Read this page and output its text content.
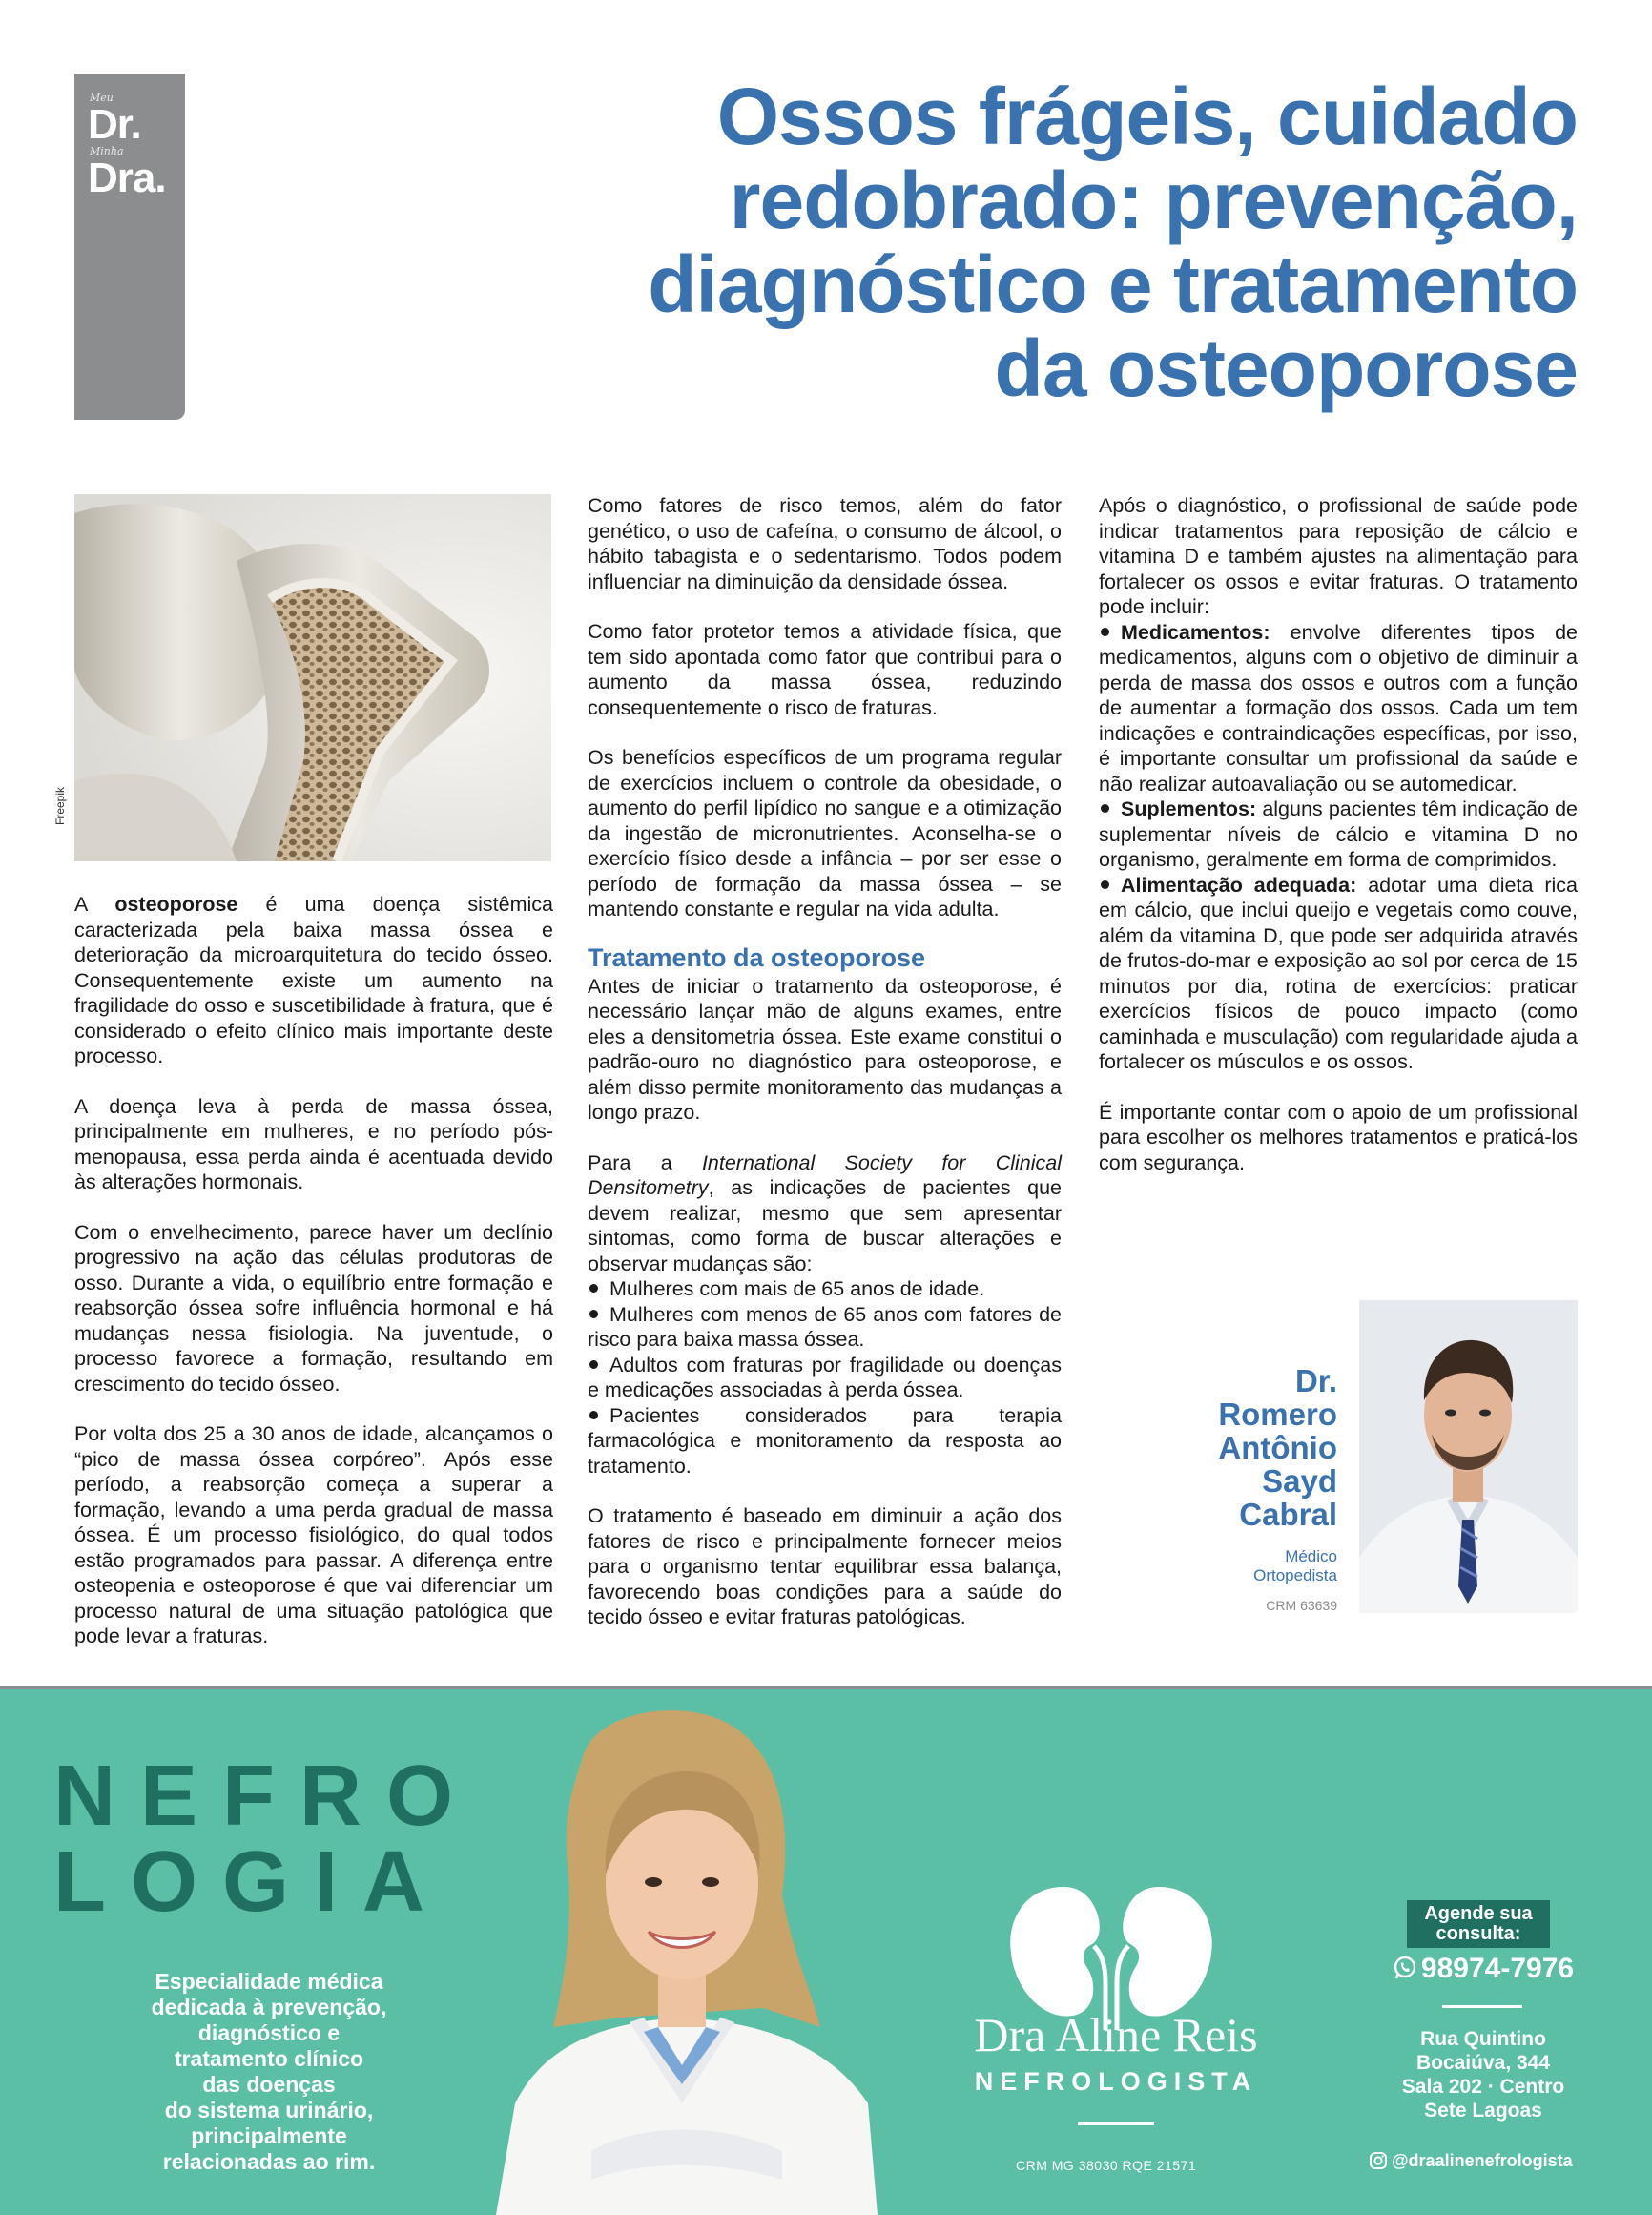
Meu
Dr.
Minha
Dra.
Ossos frágeis, cuidado
redobrado: prevenção,
diagnóstico e tratamento
da osteoporose
Freepik

A osteoporose é uma doença sistêmica caracterizada pela baixa massa óssea e deterioração da microarquitetura do tecido ósseo. Consequentemente existe um aumento na fragilidade do osso e suscetibilidade à fratura, que é considerado o efeito clínico mais importante deste processo.

A doença leva à perda de massa óssea, principalmente em mulheres, e no período pós-menopausa, essa perda ainda é acentuada devido às alterações hormonais.

Com o envelhecimento, parece haver um declínio progressivo na ação das células produtoras de osso. Durante a vida, o equilíbrio entre formação e reabsorção óssea sofre influência hormonal e há mudanças nessa fisiologia. Na juventude, o processo favorece a formação, resultando em crescimento do tecido ósseo.

Por volta dos 25 a 30 anos de idade, alcançamos o “pico de massa óssea corpóreo”. Após esse período, a reabsorção começa a superar a formação, levando a uma perda gradual de massa óssea. É um processo fisiológico, do qual todos estão programados para passar. A diferença entre osteopenia e osteoporose é que vai diferenciar um processo natural de uma situação patológica que pode levar a fraturas.

Como fatores de risco temos, além do fator genético, o uso de cafeína, o consumo de álcool, o hábito tabagista e o sedentarismo. Todos podem influenciar na diminuição da densidade óssea.

Como fator protetor temos a atividade física, que tem sido apontada como fator que contribui para o aumento da massa óssea, reduzindo consequentemente o risco de fraturas.

Os benefícios específicos de um programa regular de exercícios incluem o controle da obesidade, o aumento do perfil lipídico no sangue e a otimização da ingestão de micronutrientes. Aconselha-se o exercício físico desde a infância – por ser esse o período de formação da massa óssea – se mantendo constante e regular na vida adulta.

Tratamento da osteoporose

Antes de iniciar o tratamento da osteoporose, é necessário lançar mão de alguns exames, entre eles a densitometria óssea. Este exame constitui o padrão-ouro no diagnóstico para osteoporose, e além disso permite monitoramento das mudanças a longo prazo.

Para a International Society for Clinical Densitometry, as indicações de pacientes que devem realizar, mesmo que sem apresentar sintomas, como forma de buscar alterações e observar mudanças são:

Mulheres com mais de 65 anos de idade.
Mulheres com menos de 65 anos com fatores de risco para baixa massa óssea.
Adultos com fraturas por fragilidade ou doenças e medicações associadas à perda óssea.
Pacientes considerados para terapia farmacológica e monitoramento da resposta ao tratamento.

O tratamento é baseado em diminuir a ação dos fatores de risco e principalmente fornecer meios para o organismo tentar equilibrar essa balança, favorecendo boas condições para a saúde do tecido ósseo e evitar fraturas patológicas.

Após o diagnóstico, o profissional de saúde pode indicar tratamentos para reposição de cálcio e vitamina D e também ajustes na alimentação para fortalecer os ossos e evitar fraturas. O tratamento pode incluir:

Medicamentos: envolve diferentes tipos de medicamentos, alguns com o objetivo de diminuir a perda de massa dos ossos e outros com a função de aumentar a formação dos ossos. Cada um tem indicações e contraindicações específicas, por isso, é importante consultar um profissional da saúde e não realizar autoavaliação ou se automedicar.
Suplementos: alguns pacientes têm indicação de suplementar níveis de cálcio e vitamina D no organismo, geralmente em forma de comprimidos.
Alimentação adequada: adotar uma dieta rica em cálcio, que inclui queijo e vegetais como couve, além da vitamina D, que pode ser adquirida através de frutos-do-mar e exposição ao sol por cerca de 15 minutos por dia, rotina de exercícios: praticar exercícios físicos de pouco impacto (como caminhada e musculação) com regularidade ajuda a fortalecer os músculos e os ossos.

É importante contar com o apoio de um profissional para escolher os melhores tratamentos e praticá-los com segurança.

Dr.
Romero
Antônio
Sayd
Cabral
Médico
Ortopedista
CRM 63639
NEFRO
LOGIA
Especialidade médica
dedicada à prevenção,
diagnóstico e
tratamento clínico
das doenças
do sistema urinário,
principalmente
relacionadas ao rim.
Dra Aline Reis
NEFROLOGISTA
CRM MG 38030 RQE 21571
Agende sua
consulta:
98974-7976
Rua Quintino
Bocaiúva, 344
Sala 202 · Centro
Sete Lagoas
@draalinenefrologista
